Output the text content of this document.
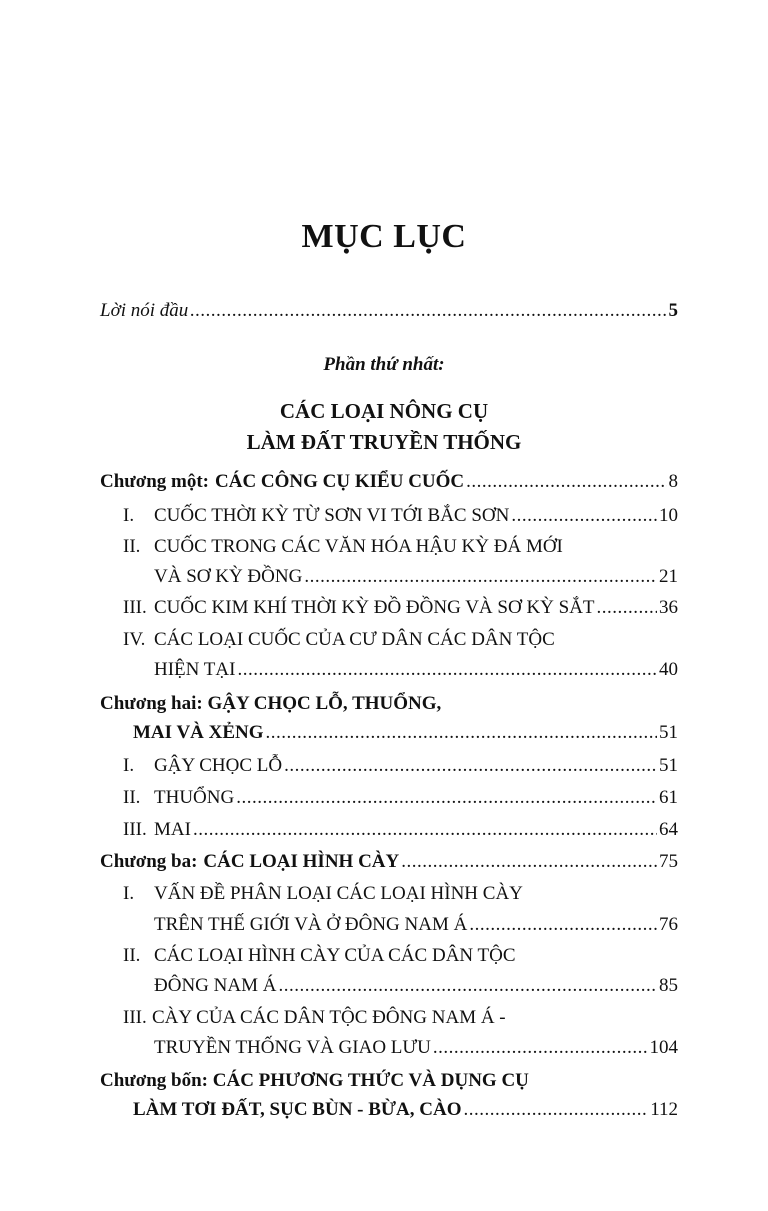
MỤC LỤC
Lời nói đầu .....	5
Phần thứ nhất:
CÁC LOẠI NÔNG CỤ
LÀM ĐẤT TRUYỀN THỐNG
Chương một: CÁC CÔNG CỤ KIỂU CUỐC .....	8
I. CUỐC THỜI KỲ TỪ SƠN VI TỚI BẮC SƠN .....	10
II. CUỐC TRONG CÁC VĂN HÓA HẬU KỲ ĐÁ MỚI
VÀ SƠ KỲ ĐỒNG .....	21
III. CUỐC KIM KHÍ THỜI KỲ ĐỒ ĐỒNG VÀ SƠ KỲ SẮT .....	36
IV. CÁC LOẠI CUỐC CỦA CƯ DÂN CÁC DÂN TỘC
HIỆN TẠI .....	40
Chương hai: GẬY CHỌC LỖ, THUỔNG,
MAI VÀ XẺNG .....	51
I. GẬY CHỌC LỖ .....	51
II. THUỔNG .....	61
III. MAI .....	64
Chương ba: CÁC LOẠI HÌNH CÀY .....	75
I. VẤN ĐỀ PHÂN LOẠI CÁC LOẠI HÌNH CÀY
TRÊN THẾ GIỚI VÀ Ở ĐÔNG NAM Á .....	76
II. CÁC LOẠI HÌNH CÀY CỦA CÁC DÂN TỘC
ĐÔNG NAM Á .....	85
III. CÀY CỦA CÁC DÂN TỘC ĐÔNG NAM Á -
TRUYỀN THỐNG VÀ GIAO LƯU .....	104
Chương bốn: CÁC PHƯƠNG THỨC VÀ DỤNG CỤ
LÀM TƠI ĐẤT, SỤC BÙN - BỪA, CÀO .....	112
